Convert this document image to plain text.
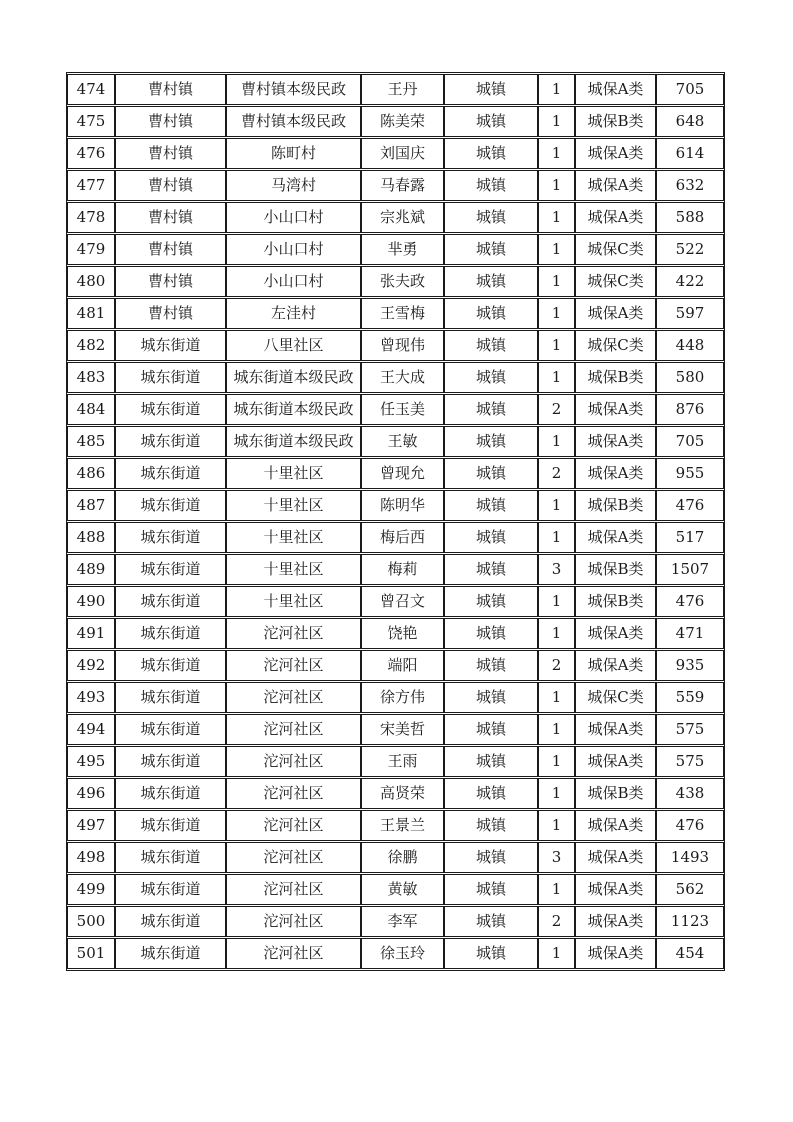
474	曹村镇	曹村镇本级民政	王丹	城镇	1	城保A类	705
475	曹村镇	曹村镇本级民政	陈美荣	城镇	1	城保B类	648
476	曹村镇	陈町村	刘国庆	城镇	1	城保A类	614
477	曹村镇	马湾村	马春露	城镇	1	城保A类	632
478	曹村镇	小山口村	宗兆斌	城镇	1	城保A类	588
479	曹村镇	小山口村	芈勇	城镇	1	城保C类	522
480	曹村镇	小山口村	张夫政	城镇	1	城保C类	422
481	曹村镇	左洼村	王雪梅	城镇	1	城保A类	597
482	城东街道	八里社区	曾现伟	城镇	1	城保C类	448
483	城东街道	城东街道本级民政	王大成	城镇	1	城保B类	580
484	城东街道	城东街道本级民政	任玉美	城镇	2	城保A类	876
485	城东街道	城东街道本级民政	王敏	城镇	1	城保A类	705
486	城东街道	十里社区	曾现允	城镇	2	城保A类	955
487	城东街道	十里社区	陈明华	城镇	1	城保B类	476
488	城东街道	十里社区	梅后西	城镇	1	城保A类	517
489	城东街道	十里社区	梅莉	城镇	3	城保B类	1507
490	城东街道	十里社区	曾召文	城镇	1	城保B类	476
491	城东街道	沱河社区	饶艳	城镇	1	城保A类	471
492	城东街道	沱河社区	端阳	城镇	2	城保A类	935
493	城东街道	沱河社区	徐方伟	城镇	1	城保C类	559
494	城东街道	沱河社区	宋美哲	城镇	1	城保A类	575
495	城东街道	沱河社区	王雨	城镇	1	城保A类	575
496	城东街道	沱河社区	高贤荣	城镇	1	城保B类	438
497	城东街道	沱河社区	王景兰	城镇	1	城保A类	476
498	城东街道	沱河社区	徐鹏	城镇	3	城保A类	1493
499	城东街道	沱河社区	黄敏	城镇	1	城保A类	562
500	城东街道	沱河社区	李军	城镇	2	城保A类	1123
501	城东街道	沱河社区	徐玉玲	城镇	1	城保A类	454
